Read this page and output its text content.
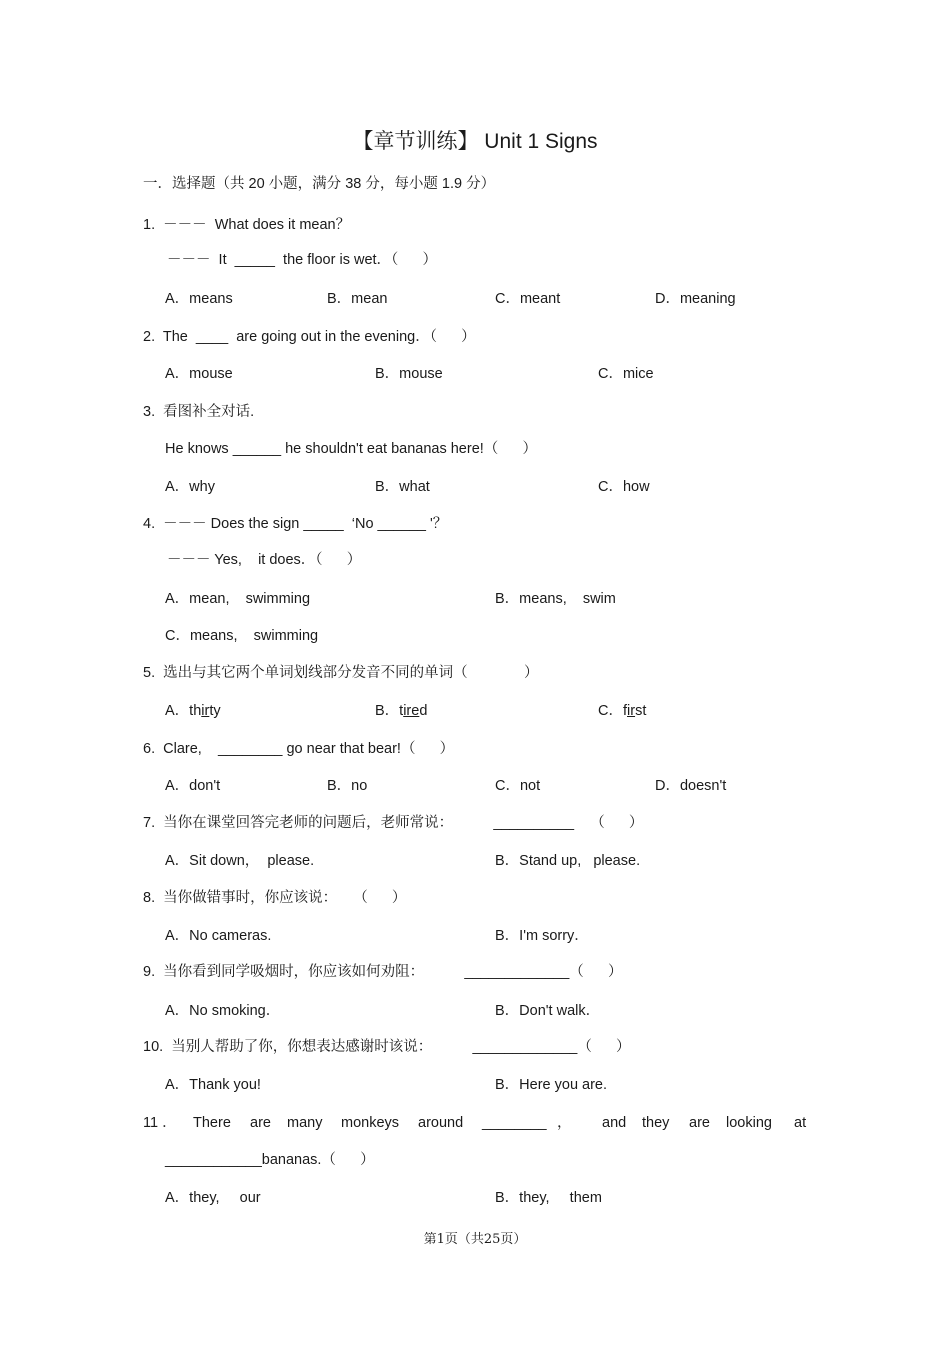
【章节训练】 Unit 1 Signs
一．选择题（共 20 小题，满分 38 分，每小题 1.9 分）
1.  －－－  What does it mean？
－－－  It  _____  the floor is wet．（      ）
A．means	B．mean	C．meant	D．meaning
2.  The  ____  are going out in the evening．（      ）
A．mouse	B．mouse	C．mice
3.  看图补全对话.
He knows ______ he shouldn't eat bananas here!（      ）
A．why	B．what	C．how
4.  －－－ Does the sign _____  ‘No ______ '？
－－－ Yes,    it does．（      ）
A．mean,    swimming	B．means,    swim
C．means,    swimming
5.  选出与其它两个单词划线部分发音不同的单词（              ）
A．thirty	B．tired	C．first
6.  Clare,    ________ go near that bear!（      ）
A．don't	B．no	C．not	D．doesn't
7.  当你在课堂回答完老师的问题后，老师常说：          __________    （      ）
A．Sit down，  please.	B．Stand up,   please.
8.  当你做错事时，你应该说：    （      ）
A．No cameras.	B．I'm sorry．
9.  当你看到同学吸烟时，你应该如何劝阻：          _____________（      ）
A．No smoking．	B．Don't walk．
10.  当别人帮助了你，你想表达感谢时该说：          _____________（      ）
A．Thank you!	B．Here you are.
11 ． There are many monkeys around ________ ， and they are looking at
____________bananas.（      ）
A．they,     our	B．they,     them
第1页（共25页）
